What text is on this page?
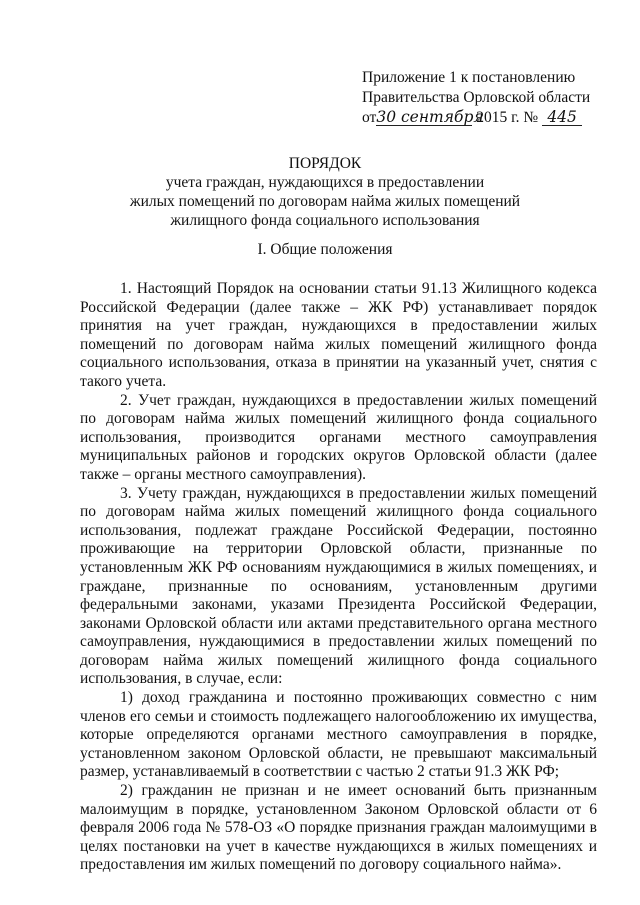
Приложение 1 к постановлению
Правительства Орловской области
от30 сентября 2015 г. № 445
ПОРЯДОК
учета граждан, нуждающихся в предоставлении
жилых помещений по договорам найма жилых помещений
жилищного фонда социального использования
I. Общие положения

1. Настоящий Порядок на основании статьи 91.13 Жилищного кодекса Российской Федерации (далее также – ЖК РФ) устанавливает порядок принятия на учет граждан, нуждающихся в предоставлении жилых помещений по договорам найма жилых помещений жилищного фонда социального использования, отказа в принятии на указанный учет, снятия с такого учета.

2. Учет граждан, нуждающихся в предоставлении жилых помещений по договорам найма жилых помещений жилищного фонда социального использования, производится органами местного самоуправления муниципальных районов и городских округов Орловской области (далее также – органы местного самоуправления).

3. Учету граждан, нуждающихся в предоставлении жилых помещений по договорам найма жилых помещений жилищного фонда социального использования, подлежат граждане Российской Федерации, постоянно проживающие на территории Орловской области, признанные по установленным ЖК РФ основаниям нуждающимися в жилых помещениях, и граждане, признанные по основаниям, установленным другими федеральными законами, указами Президента Российской Федерации, законами Орловской области или актами представительного органа местного самоуправления, нуждающимися в предоставлении жилых помещений по договорам найма жилых помещений жилищного фонда социального использования, в случае, если:

1) доход гражданина и постоянно проживающих совместно с ним членов его семьи и стоимость подлежащего налогообложению их имущества, которые определяются органами местного самоуправления в порядке, установленном законом Орловской области, не превышают максимальный размер, устанавливаемый в соответствии с частью 2 статьи 91.3 ЖК РФ;

2) гражданин не признан и не имеет оснований быть признанным малоимущим в порядке, установленном Законом Орловской области от 6 февраля 2006 года № 578-ОЗ «О порядке признания граждан малоимущими в целях постановки на учет в качестве нуждающихся в жилых помещениях и предоставления им жилых помещений по договору социального найма».
